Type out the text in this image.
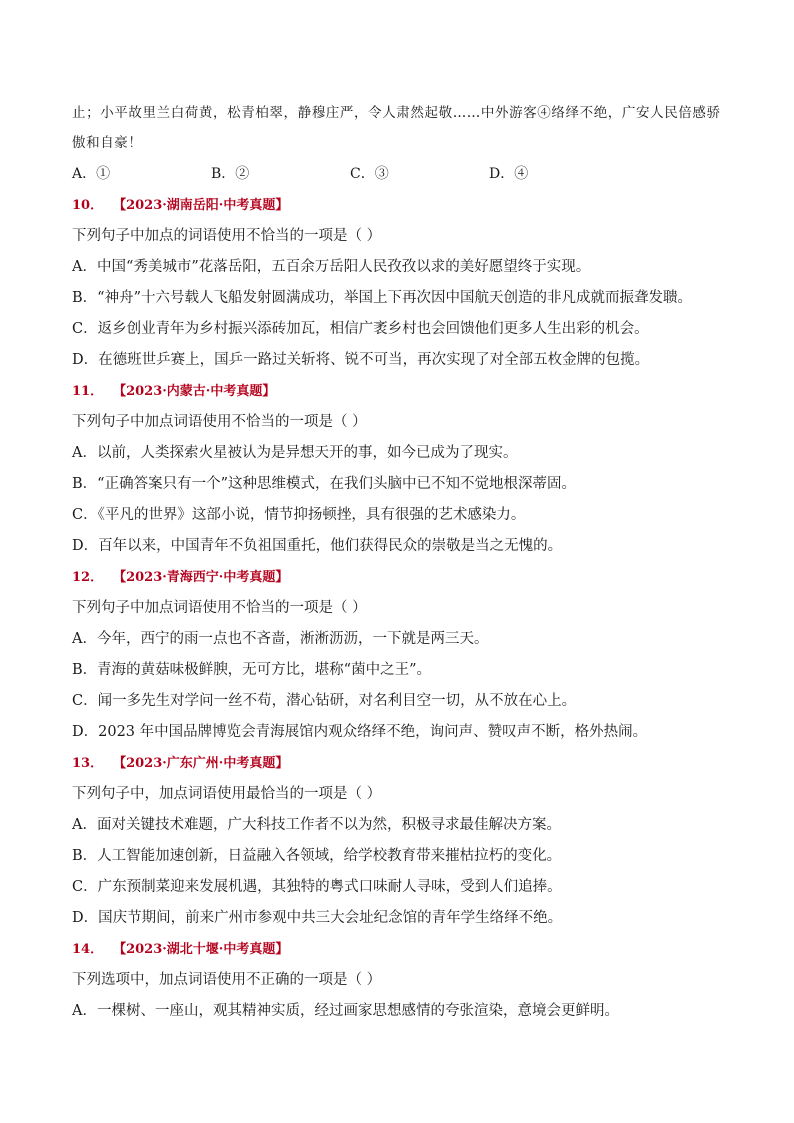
止；小平故里兰白荷黄，松青柏翠，静穆庄严，令人肃然起敬……中外游客④络绎不绝，广安人民倍感骄
傲和自豪！
A．①	B．②	C．③	D．④
10． 【2023·湖南岳阳·中考真题】
下列句子中加点的词语使用不恰当的一项是（ ）
A．中国“秀美城市”花落岳阳，五百余万岳阳人民孜孜以求的美好愿望终于实现。
B．“神舟”十六号载人飞船发射圆满成功，举国上下再次因中国航天创造的非凡成就而振聋发聩。
C．返乡创业青年为乡村振兴添砖加瓦，相信广袤乡村也会回馈他们更多人生出彩的机会。
D．在德班世乒赛上，国乒一路过关斩将、锐不可当，再次实现了对全部五枚金牌的包揽。
11． 【2023·内蒙古·中考真题】
下列句子中加点词语使用不恰当的一项是（ ）
A．以前，人类探索火星被认为是异想天开的事，如今已成为了现实。
B．“正确答案只有一个”这种思维模式，在我们头脑中已不知不觉地根深蒂固。
C．《平凡的世界》这部小说，情节抑扬顿挫，具有很强的艺术感染力。
D．百年以来，中国青年不负祖国重托，他们获得民众的崇敬是当之无愧的。
12． 【2023·青海西宁·中考真题】
下列句子中加点词语使用不恰当的一项是（ ）
A．今年，西宁的雨一点也不吝啬，淅淅沥沥，一下就是两三天。
B．青海的黄菇味极鲜腴，无可方比，堪称“菌中之王”。
C．闻一多先生对学问一丝不苟，潜心钻研，对名利目空一切，从不放在心上。
D．2023 年中国品牌博览会青海展馆内观众络绎不绝，询问声、赞叹声不断，格外热闹。
13． 【2023·广东广州·中考真题】
下列句子中，加点词语使用最恰当的一项是（ ）
A．面对关键技术难题，广大科技工作者不以为然，积极寻求最佳解决方案。
B．人工智能加速创新，日益融入各领域，给学校教育带来摧枯拉朽的变化。
C．广东预制菜迎来发展机遇，其独特的粤式口味耐人寻味，受到人们追捧。
D．国庆节期间，前来广州市参观中共三大会址纪念馆的青年学生络绎不绝。
14． 【2023·湖北十堰·中考真题】
下列选项中，加点词语使用不正确的一项是（ ）
A．一棵树、一座山，观其精神实质，经过画家思想感情的夸张渲染，意境会更鲜明。
